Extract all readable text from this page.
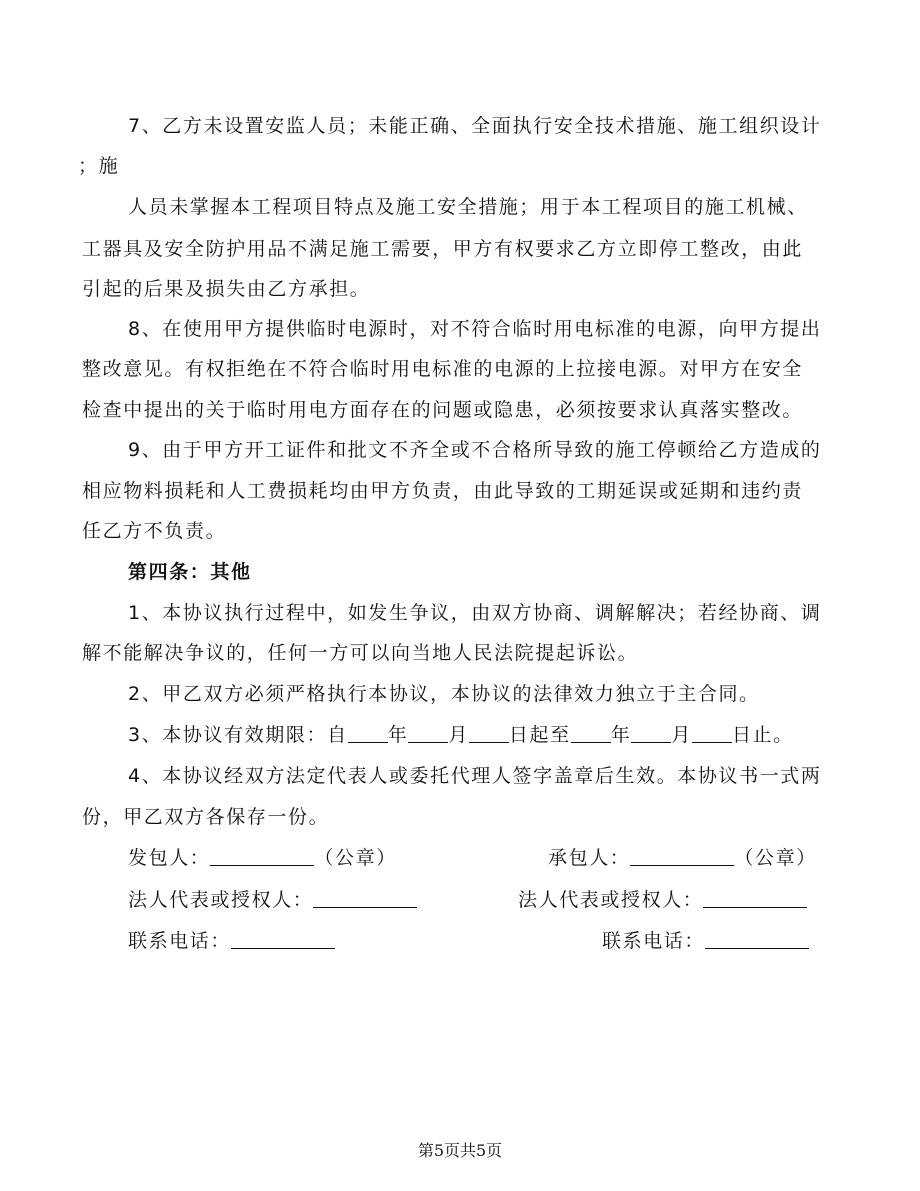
7、乙方未设置安监人员；未能正确、全面执行安全技术措施、施工组织设计
；施
人员未掌握本工程项目特点及施工安全措施；用于本工程项目的施工机械、
工器具及安全防护用品不满足施工需要，甲方有权要求乙方立即停工整改，由此
引起的后果及损失由乙方承担。
8、在使用甲方提供临时电源时，对不符合临时用电标准的电源，向甲方提出
整改意见。有权拒绝在不符合临时用电标准的电源的上拉接电源。对甲方在安全
检查中提出的关于临时用电方面存在的问题或隐患，必须按要求认真落实整改。
9、由于甲方开工证件和批文不齐全或不合格所导致的施工停顿给乙方造成的
相应物料损耗和人工费损耗均由甲方负责，由此导致的工期延误或延期和违约责
任乙方不负责。
第四条：其他
1、本协议执行过程中，如发生争议，由双方协商、调解解决；若经协商、调
解不能解决争议的，任何一方可以向当地人民法院提起诉讼。
2、甲乙双方必须严格执行本协议，本协议的法律效力独立于主合同。
3、本协议有效期限：自 年 月 日起至 年 月 日止。
4、本协议经双方法定代表人或委托代理人签字盖章后生效。本协议书一式两
份，甲乙双方各保存一份。
发包人：	（公章）	承包人：	（公章）
法人代表或授权人：	法人代表或授权人：
联系电话：	联系电话：
第5页共5页
